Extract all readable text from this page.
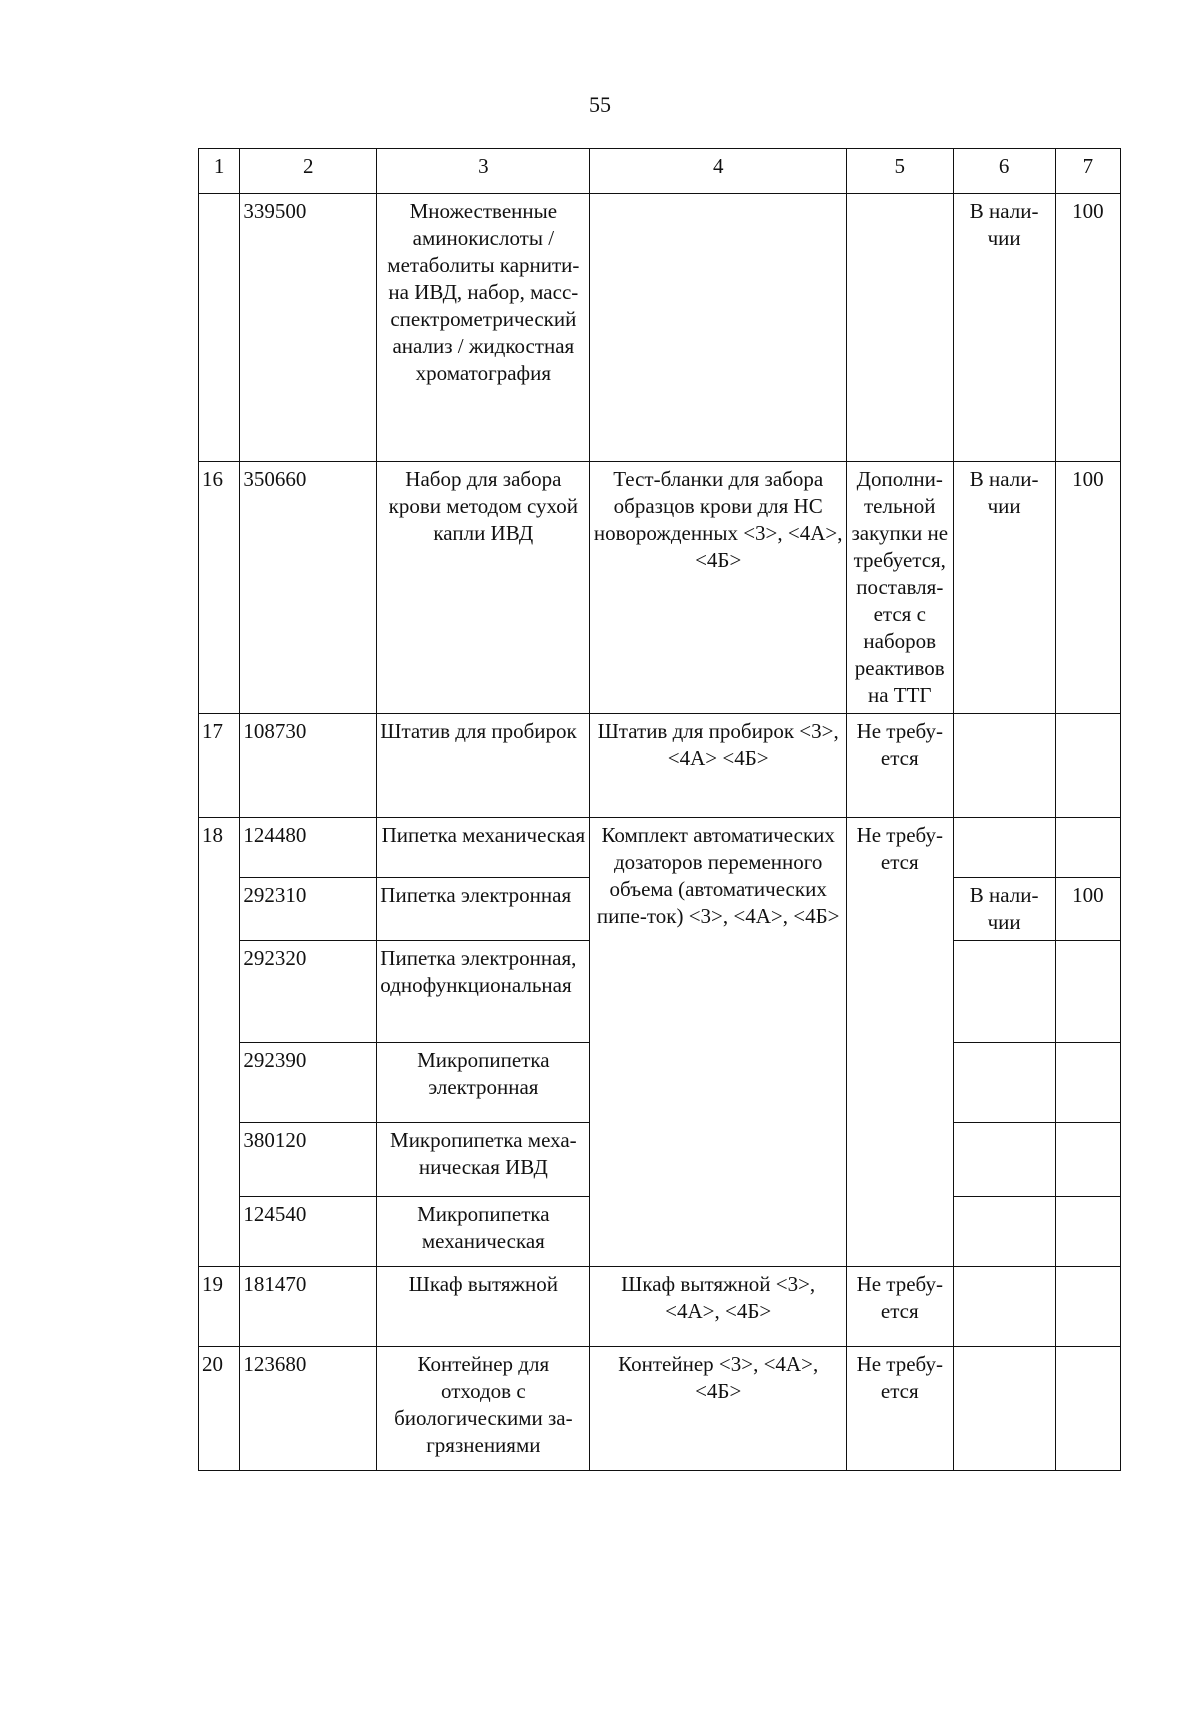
55
1	2	3	4	5	6	7
	339500	Множественные аминокислоты / метаболиты карнити-на ИВД, набор, масс-спектрометрический анализ / жидкостная хроматография			В нали-чии	100
16	350660	Набор для забора крови методом сухой капли ИВД	Тест-бланки для забора образцов крови для НС новорожденных <3>, <4А>, <4Б>	Дополни-тельной закупки не требуется, поставля-ется с наборов реактивов на ТТГ	В нали-чии	100
17	108730	Штатив для пробирок	Штатив для пробирок <3>, <4А> <4Б>	Не требу-ется		
18	124480	Пипетка механическая	Комплект автоматических дозаторов переменного объема (автоматических пипе-ток) <3>, <4А>, <4Б>	Не требу-ется		
	292310	Пипетка электронная			В нали-чии	100
	292320	Пипетка электронная, однофункциональная				
	292390	Микропипетка электронная				
	380120	Микропипетка меха-ническая ИВД				
	124540	Микропипетка механическая				
19	181470	Шкаф вытяжной	Шкаф вытяжной <3>, <4А>, <4Б>	Не требу-ется		
20	123680	Контейнер для отходов с биологическими за-грязнениями	Контейнер <3>, <4А>, <4Б>	Не требу-ется		
